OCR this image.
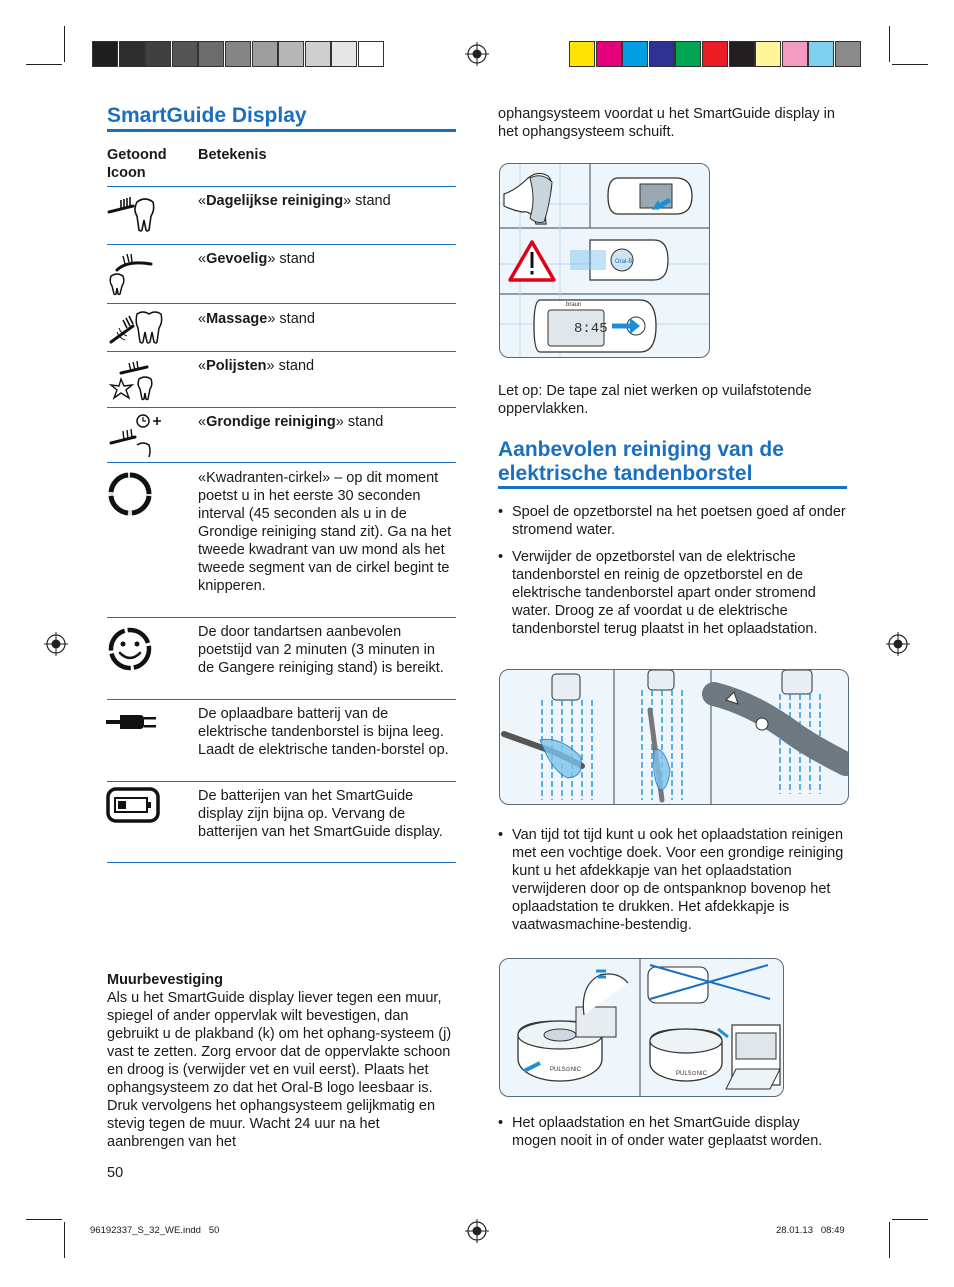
SmartGuide Display
Getoond Icoon
Betekenis
«Dagelijkse reiniging» stand
«Gevoelig» stand
«Massage» stand
«Polijsten» stand
«Grondige reiniging» stand
«Kwadranten-cirkel» – op dit moment poetst u in het eerste 30 seconden interval (45 seconden als u in de Grondige reiniging stand zit). Ga na het tweede kwadrant van uw mond als het tweede segment van de cirkel begint te knipperen.
De door tandartsen aanbevolen poetstijd van 2 minuten (3 minuten in de Gangere reiniging stand) is bereikt.
De oplaadbare batterij van de elektrische tandenborstel is bijna leeg. Laadt de elektrische tanden-borstel op.
De batterijen van het SmartGuide display zijn bijna op. Vervang de batterijen van het SmartGuide display.
Muurbevestiging

Als u het SmartGuide display liever tegen een muur, spiegel of ander oppervlak wilt bevestigen, dan gebruikt u de plakband (k) om het ophang-systeem (j) vast te zetten. Zorg ervoor dat de oppervlakte schoon en droog is (verwijder vet en vuil eerst). Plaats het ophangsysteem zo dat het Oral-B logo leesbaar is. Druk vervolgens het ophangsysteem gelijkmatig en stevig tegen de muur. Wacht 24 uur na het aanbrengen van het

50

ophangsysteem voordat u het SmartGuide display in het ophangsysteem schuift.

Oral-B
8:45
braun

Let op: De tape zal niet werken op vuilafstotende oppervlakken.

Aanbevolen reiniging van de elektrische tandenborstel
• Spoel de opzetborstel na het poetsen goed af onder stromend water.
• Verwijder de opzetborstel van de elektrische tandenborstel en reinig de opzetborstel en de elektrische tandenborstel apart onder stromend water. Droog ze af voordat u de elektrische tandenborstel terug plaatst in het oplaadstation.
• Van tijd tot tijd kunt u ook het oplaadstation reinigen met een vochtige doek. Voor een grondige reiniging kunt u het afdekkapje van het oplaadstation verwijderen door op de ontspanknop bovenop het oplaadstation te drukken. Het afdekkapje is vaatwasmachine-bestendig.
PULS⊙NIC
PULS⊙NIC
• Het oplaadstation en het SmartGuide display mogen nooit in of onder water geplaatst worden.
96192337_S_32_WE.indd   50	28.01.13   08:49
